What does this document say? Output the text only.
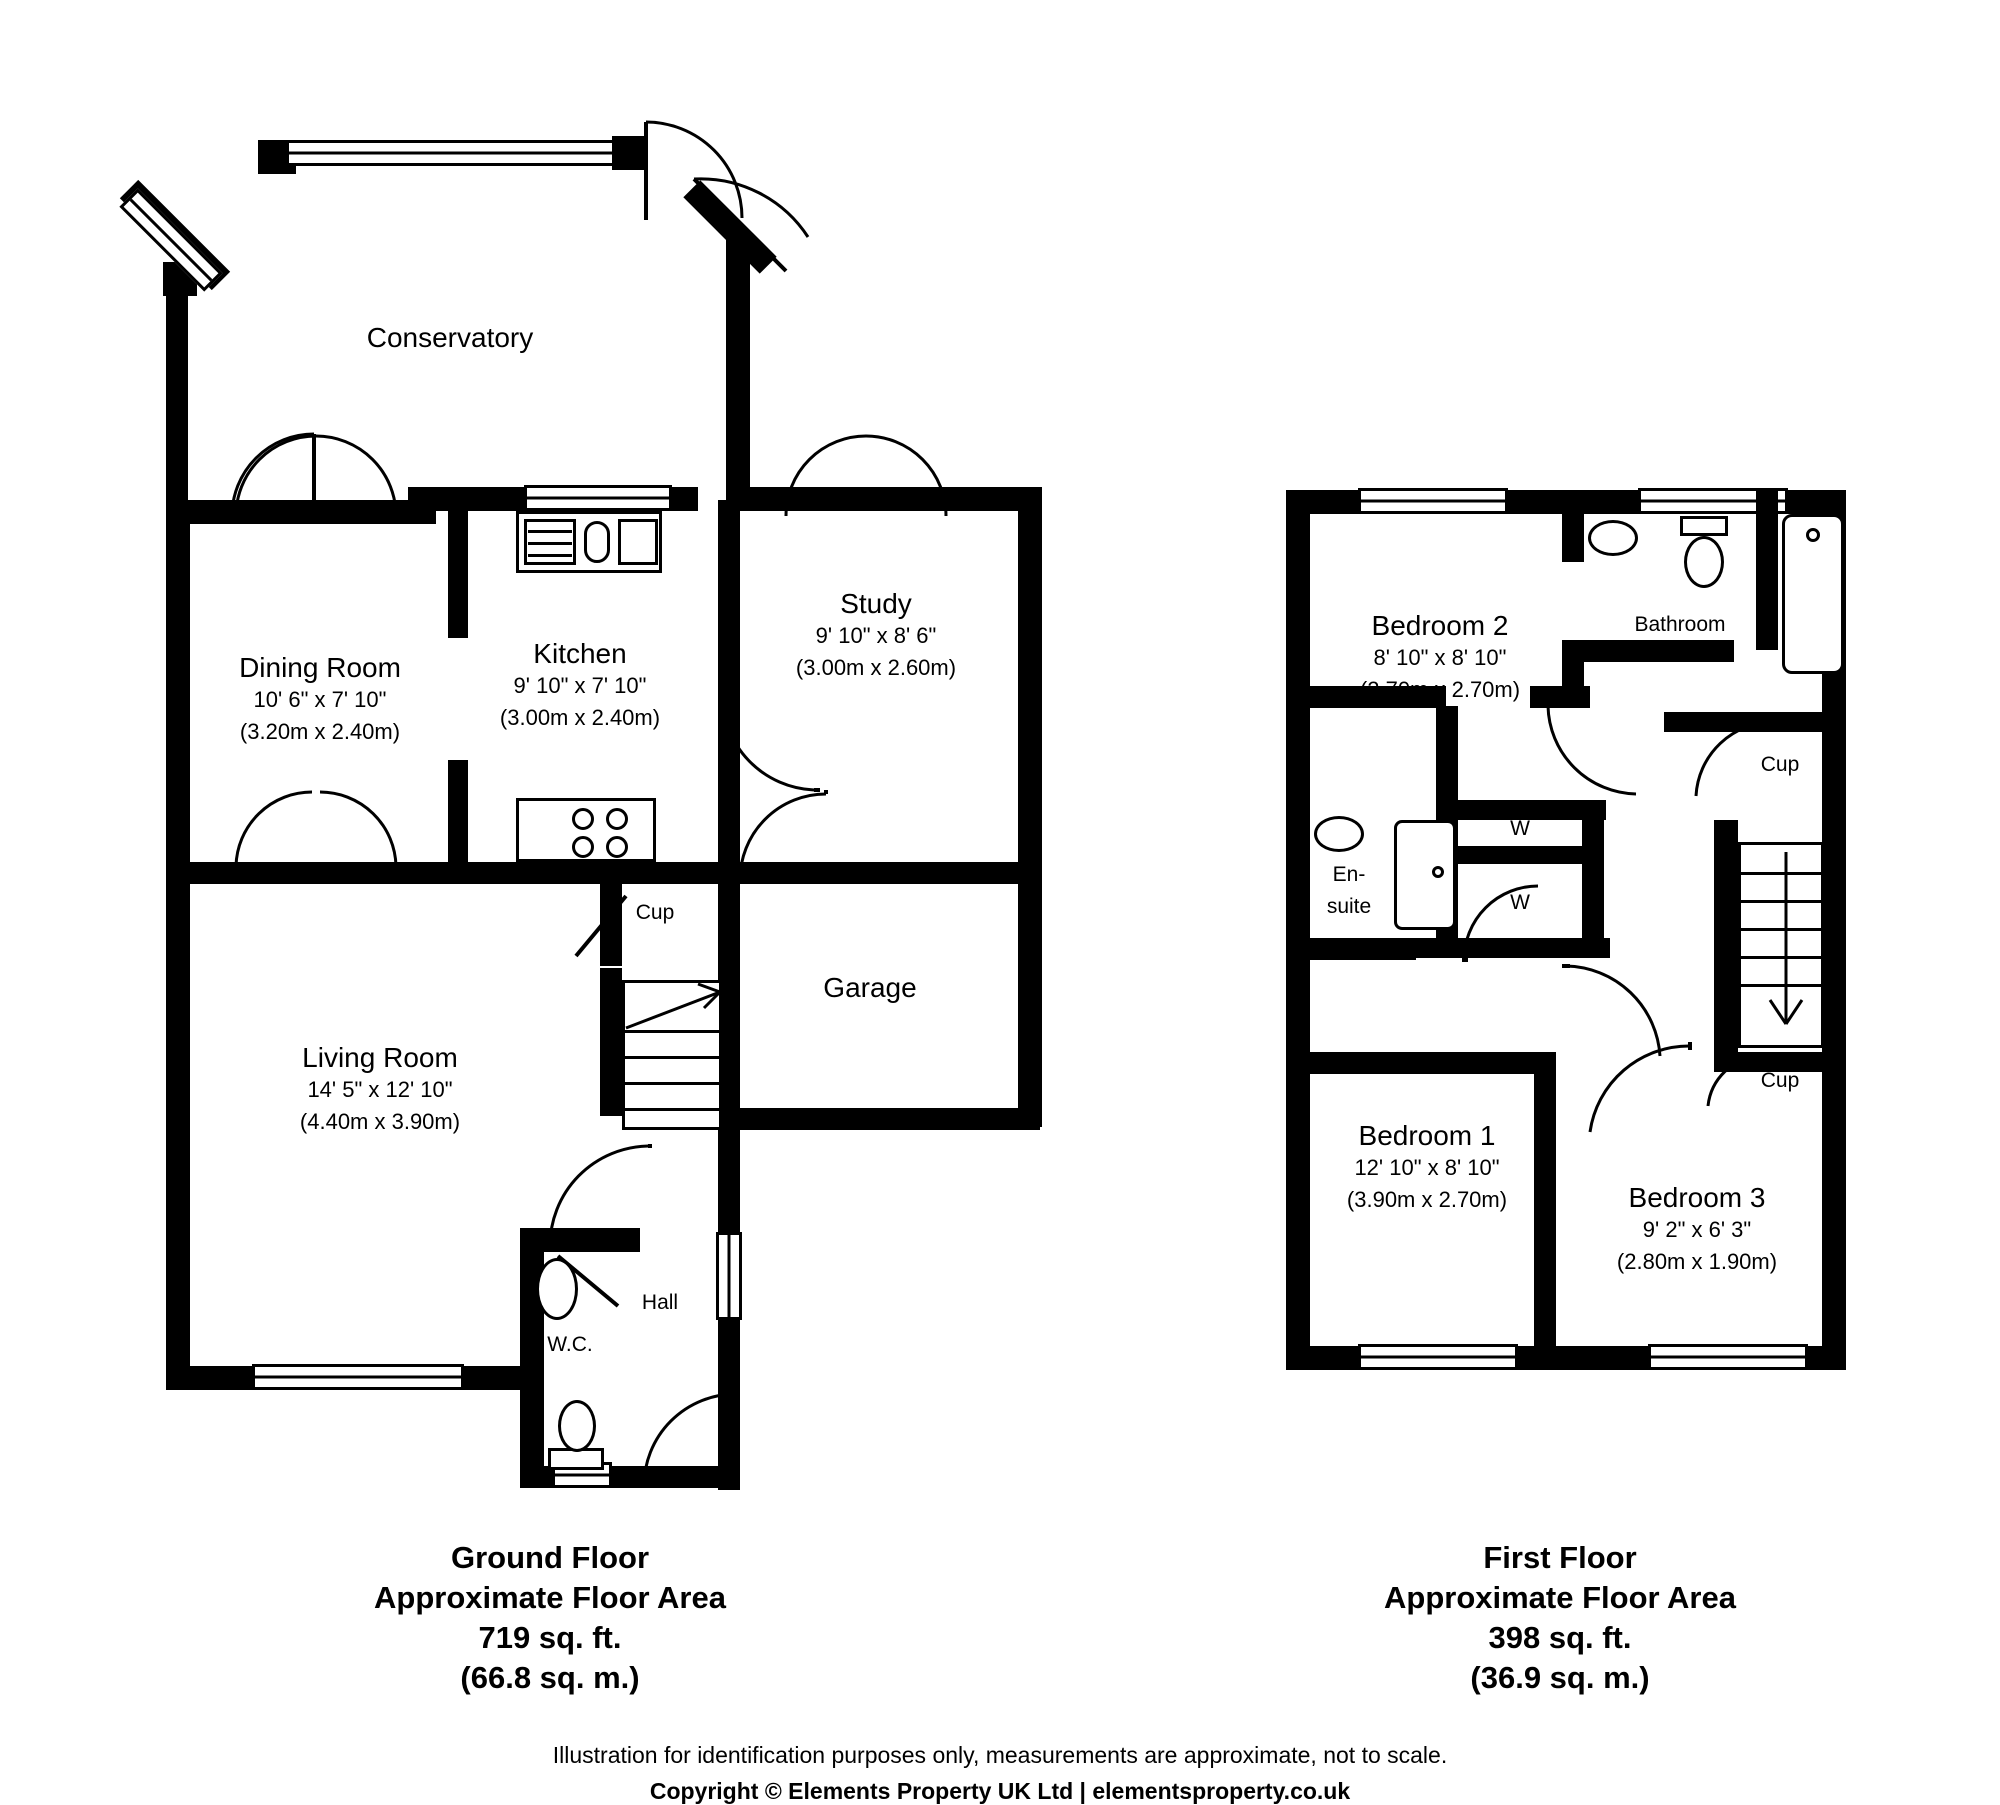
Conservatory
Dining Room
10' 6" x 7' 10"
(3.20m x 2.40m)
Kitchen
9' 10" x 7' 10"
(3.00m x 2.40m)
Study
9' 10" x 8' 6"
(3.00m x 2.60m)
Garage
Living Room
14' 5" x 12' 10"
(4.40m x 3.90m)
Hall
W.C.
Cup
Ground Floor
Approximate Floor Area
719 sq. ft.
(66.8 sq. m.)
Bedroom 2
8' 10" x 8' 10"
(2.70m x 2.70m)
Bathroom
Bedroom 1
12' 10" x 8' 10"
(3.90m x 2.70m)	Bedroom 3
9' 2" x 6' 3"
(2.80m x 1.90m)
En-
suite
Cup
Cup
W
W
First Floor
Approximate Floor Area
398 sq. ft.
(36.9 sq. m.)
Illustration for identification purposes only, measurements are approximate, not to scale.
Copyright © Elements Property UK Ltd | elementsproperty.co.uk
